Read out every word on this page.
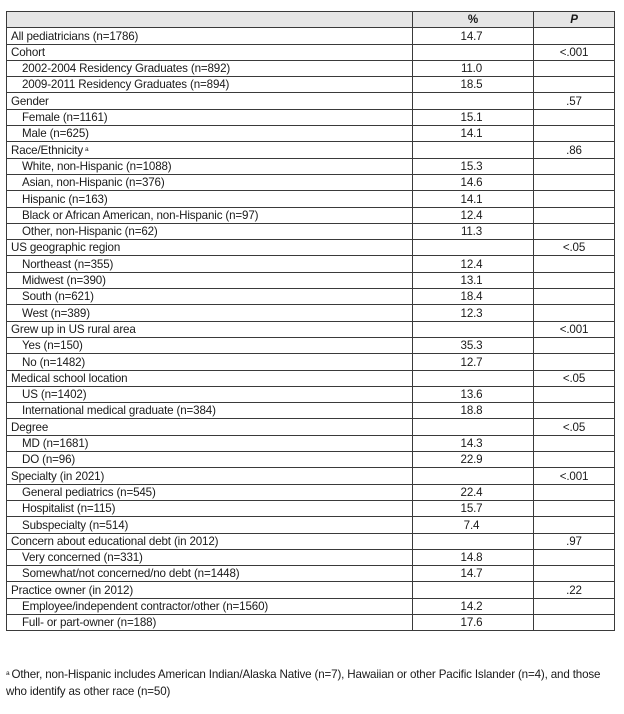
	%	P
All pediatricians (n=1786)	14.7	
Cohort		<.001
2002-2004 Residency Graduates (n=892)	11.0	
2009-2011 Residency Graduates (n=894)	18.5	
Gender		.57
Female (n=1161)	15.1	
Male (n=625)	14.1	
Race/Ethnicity $^a$		.86
White, non-Hispanic (n=1088)	15.3	
Asian, non-Hispanic (n=376)	14.6	
Hispanic (n=163)	14.1	
Black or African American, non-Hispanic (n=97)	12.4	
Other, non-Hispanic (n=62)	11.3	
US geographic region		<.05
Northeast (n=355)	12.4	
Midwest (n=390)	13.1	
South (n=621)	18.4	
West (n=389)	12.3	
Grew up in US rural area		<.001
Yes (n=150)	35.3	
No (n=1482)	12.7	
Medical school location		<.05
US (n=1402)	13.6	
International medical graduate (n=384)	18.8	
Degree		<.05
MD (n=1681)	14.3	
DO (n=96)	22.9	
Specialty (in 2021)		<.001
General pediatrics (n=545)	22.4	
Hospitalist (n=115)	15.7	
Subspecialty (n=514)	7.4	
Concern about educational debt (in 2012)		.97
Very concerned (n=331)	14.8	
Somewhat/not concerned/no debt (n=1448)	14.7	
Practice owner (in 2012)		.22
Employee/independent contractor/other (n=1560)	14.2	
Full- or part-owner (n=188)	17.6	
$^a$ Other, non-Hispanic includes American Indian/Alaska Native (n=7), Hawaiian or other Pacific Islander (n=4), and those who identify as other race (n=50)
